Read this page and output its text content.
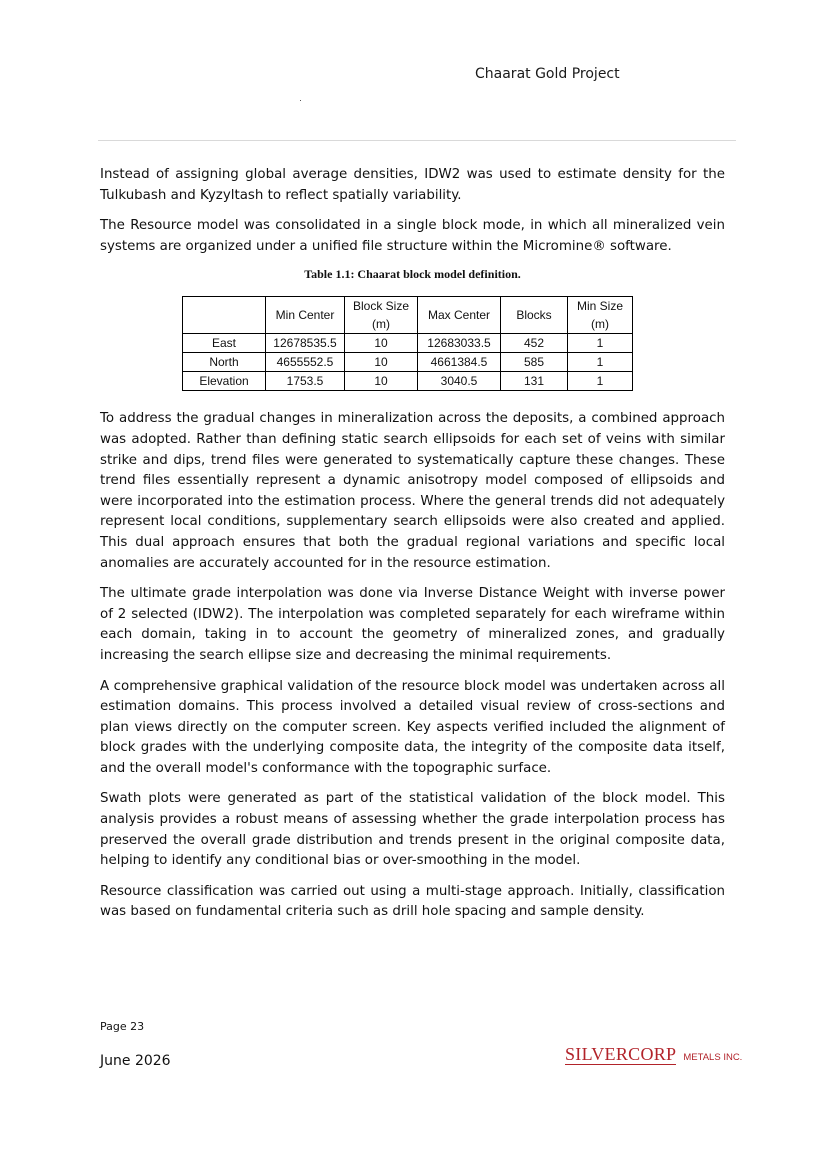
Chaarat Gold Project

Instead of assigning global average densities, IDW2 was used to estimate density for the Tulkubash and Kyzyltash to reflect spatially variability.

The Resource model was consolidated in a single block mode, in which all mineralized vein systems are organized under a unified file structure within the Micromine® software.

Table 1.1: Chaarat block model definition.
	Min Center	Block Size (m)	Max Center	Blocks	Min Size (m)
East	12678535.5	10	12683033.5	452	1
North	4655552.5	10	4661384.5	585	1
Elevation	1753.5	10	3040.5	131	1

To address the gradual changes in mineralization across the deposits, a combined approach was adopted. Rather than defining static search ellipsoids for each set of veins with similar strike and dips, trend files were generated to systematically capture these changes. These trend files essentially represent a dynamic anisotropy model composed of ellipsoids and were incorporated into the estimation process. Where the general trends did not adequately represent local conditions, supplementary search ellipsoids were also created and applied. This dual approach ensures that both the gradual regional variations and specific local anomalies are accurately accounted for in the resource estimation.

The ultimate grade interpolation was done via Inverse Distance Weight with inverse power of 2 selected (IDW2). The interpolation was completed separately for each wireframe within each domain, taking in to account the geometry of mineralized zones, and gradually increasing the search ellipse size and decreasing the minimal requirements.

A comprehensive graphical validation of the resource block model was undertaken across all estimation domains. This process involved a detailed visual review of cross-sections and plan views directly on the computer screen. Key aspects verified included the alignment of block grades with the underlying composite data, the integrity of the composite data itself, and the overall model's conformance with the topographic surface.

Swath plots were generated as part of the statistical validation of the block model. This analysis provides a robust means of assessing whether the grade interpolation process has preserved the overall grade distribution and trends present in the original composite data, helping to identify any conditional bias or over-smoothing in the model.

Resource classification was carried out using a multi-stage approach. Initially, classification was based on fundamental criteria such as drill hole spacing and sample density.

Page 23
June 2026	SILVERCORP METALS INC.
